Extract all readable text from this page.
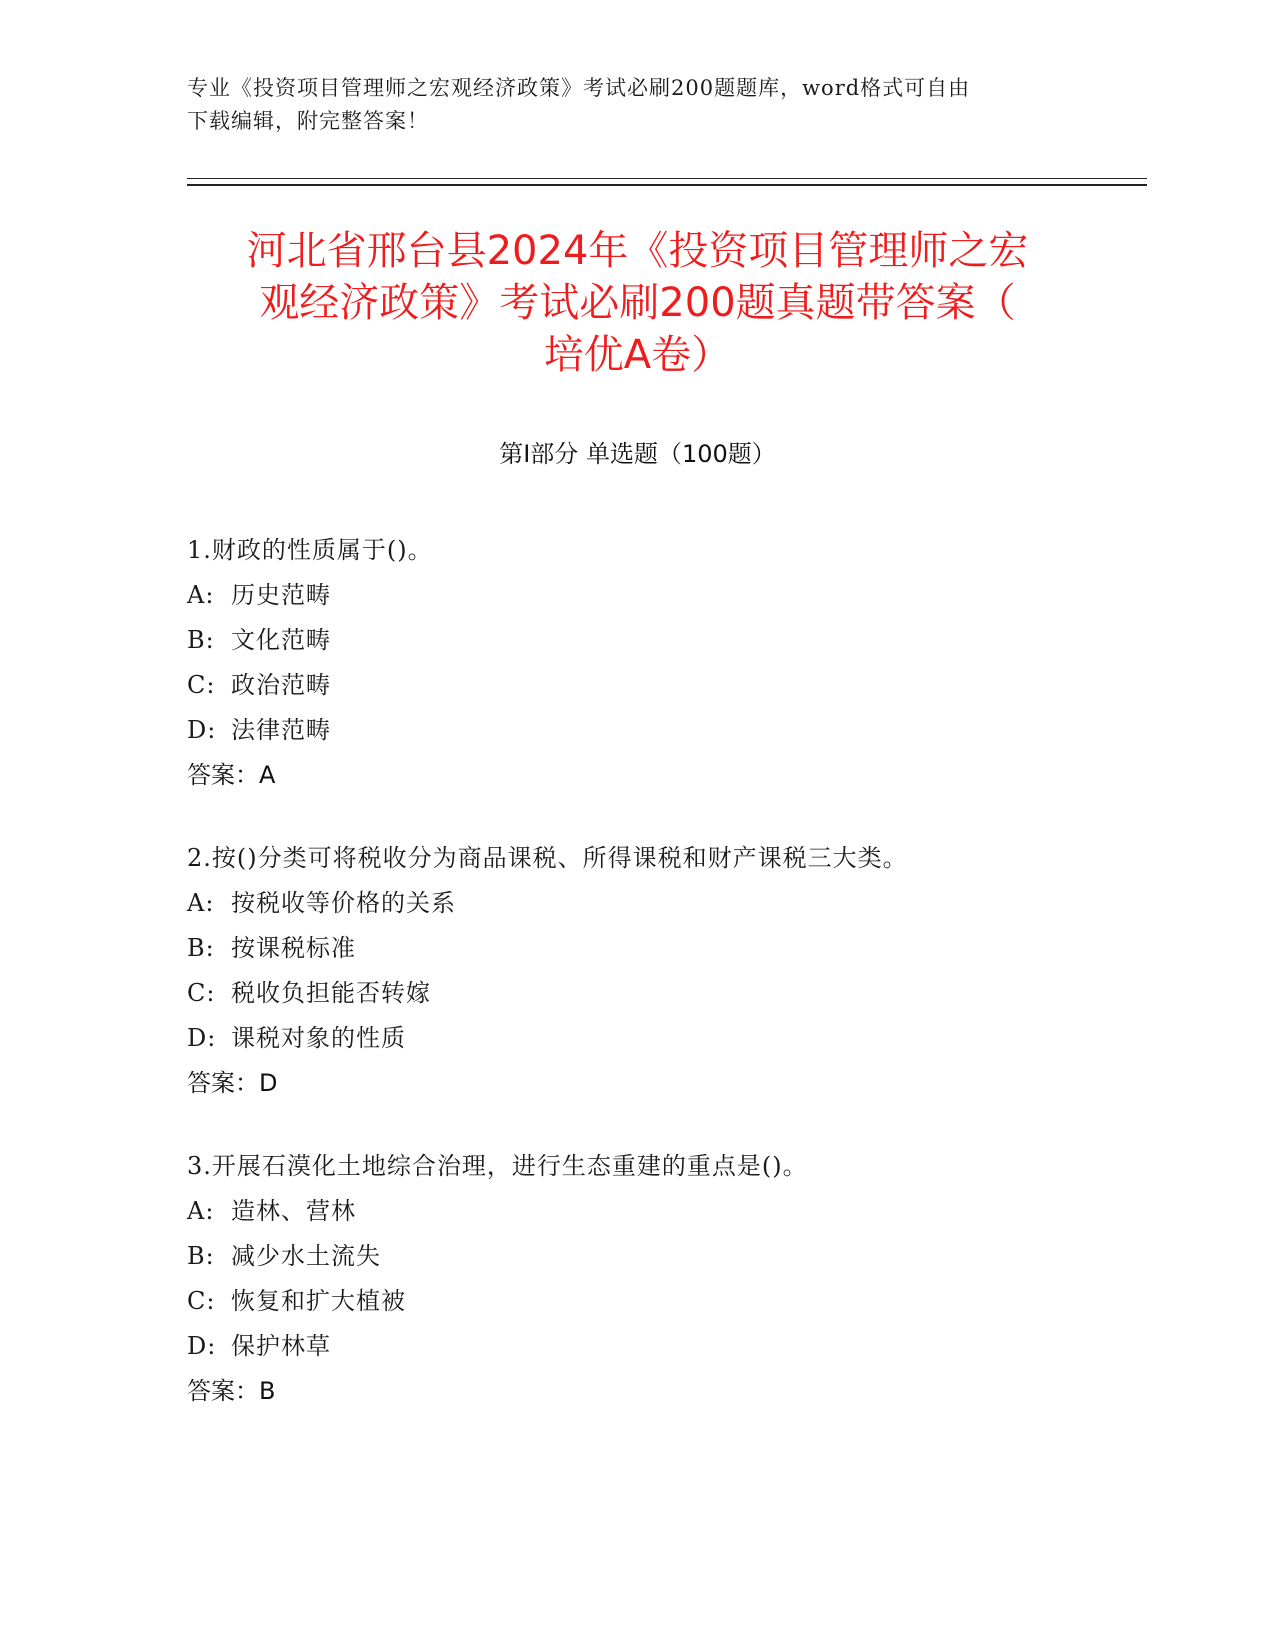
专业《投资项目管理师之宏观经济政策》考试必刷200题题库，word格式可自由
下载编辑，附完整答案！
河北省邢台县2024年《投资项目管理师之宏
观经济政策》考试必刷200题真题带答案（
培优A卷）
第Ⅰ部分 单选题（100题）
1.财政的性质属于()。
A: 历史范畴
B: 文化范畴
C: 政治范畴
D: 法律范畴
答案：A
2.按()分类可将税收分为商品课税、所得课税和财产课税三大类。
A: 按税收等价格的关系
B: 按课税标准
C: 税收负担能否转嫁
D: 课税对象的性质
答案：D
3.开展石漠化土地综合治理，进行生态重建的重点是()。
A: 造林、营林
B: 减少水土流失
C: 恢复和扩大植被
D: 保护林草
答案：B
